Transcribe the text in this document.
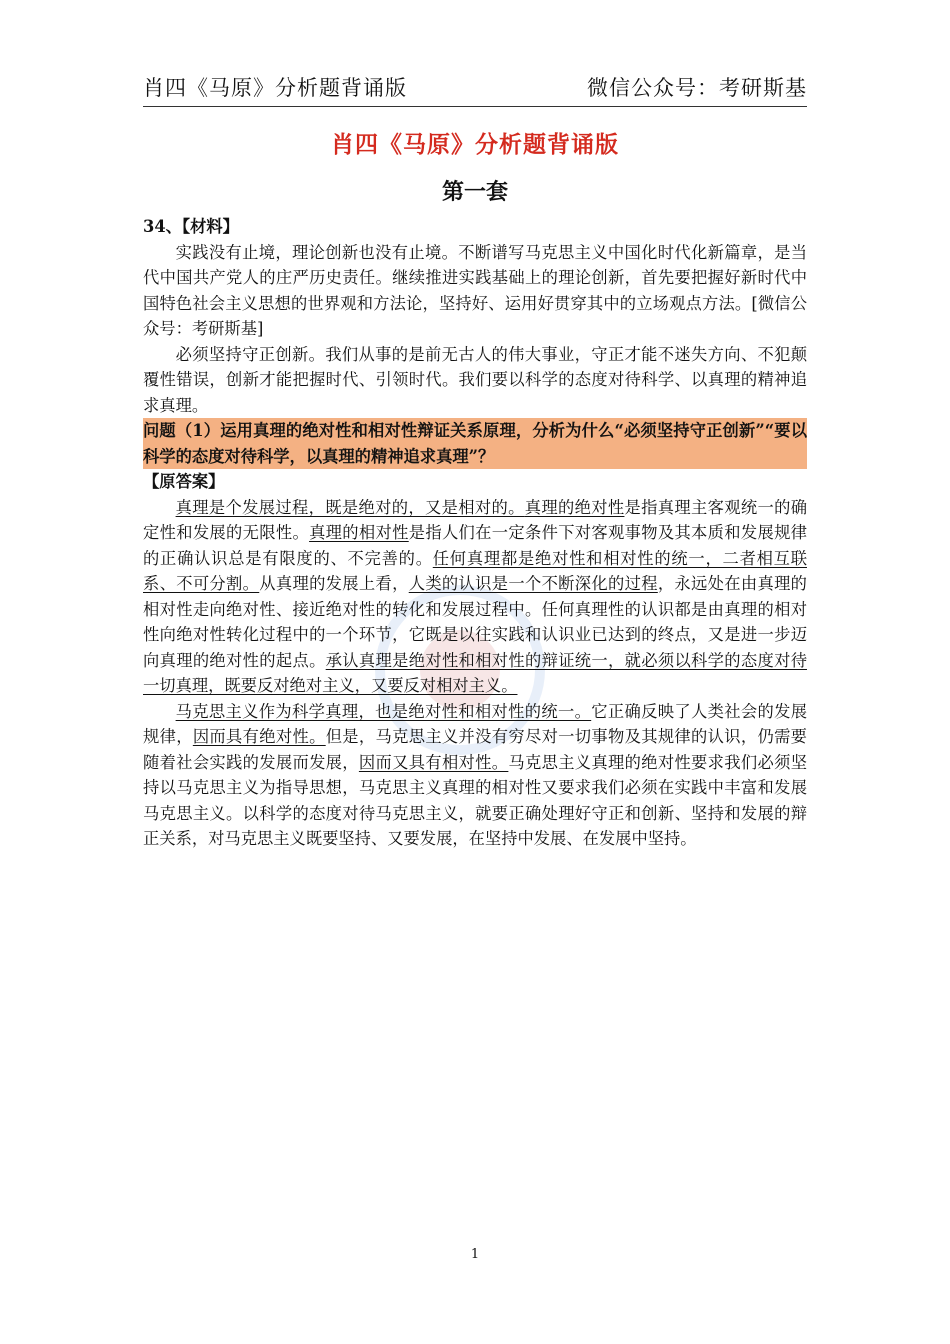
肖四《马原》分析题背诵版	微信公众号：考研斯基
肖四《马原》分析题背诵版
第一套
34、【材料】

实践没有止境，理论创新也没有止境。不断谱写马克思主义中国化时代化新篇章，是当代中国共产党人的庄严历史责任。继续推进实践基础上的理论创新，首先要把握好新时代中国特色社会主义思想的世界观和方法论，坚持好、运用好贯穿其中的立场观点方法。[微信公众号：考研斯基]

必须坚持守正创新。我们从事的是前无古人的伟大事业，守正才能不迷失方向、不犯颠覆性错误，创新才能把握时代、引领时代。我们要以科学的态度对待科学、以真理的精神追求真理。

问题（1）运用真理的绝对性和相对性辩证关系原理，分析为什么“必须坚持守正创新”“要以科学的态度对待科学，以真理的精神追求真理”？
【原答案】

真理是个发展过程，既是绝对的，又是相对的。真理的绝对性是指真理主客观统一的确定性和发展的无限性。真理的相对性是指人们在一定条件下对客观事物及其本质和发展规律的正确认识总是有限度的、不完善的。任何真理都是绝对性和相对性的统一，二者相互联系、不可分割。从真理的发展上看，人类的认识是一个不断深化的过程，永远处在由真理的相对性走向绝对性、接近绝对性的转化和发展过程中。任何真理性的认识都是由真理的相对性向绝对性转化过程中的一个环节，它既是以往实践和认识业已达到的终点，又是进一步迈向真理的绝对性的起点。承认真理是绝对性和相对性的辩证统一，就必须以科学的态度对待一切真理，既要反对绝对主义，又要反对相对主义。

马克思主义作为科学真理，也是绝对性和相对性的统一。它正确反映了人类社会的发展规律，因而具有绝对性。但是，马克思主义并没有穷尽对一切事物及其规律的认识，仍需要随着社会实践的发展而发展，因而又具有相对性。马克思主义真理的绝对性要求我们必须坚持以马克思主义为指导思想，马克思主义真理的相对性又要求我们必须在实践中丰富和发展马克思主义。以科学的态度对待马克思主义，就要正确处理好守正和创新、坚持和发展的辩正关系，对马克思主义既要坚持、又要发展，在坚持中发展、在发展中坚持。

1
